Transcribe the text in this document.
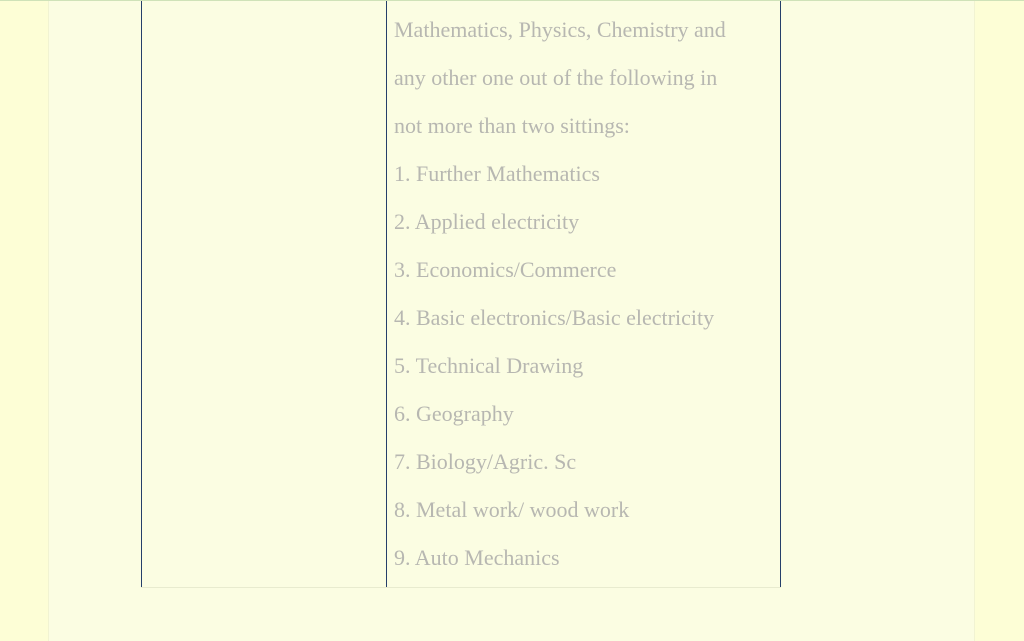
Mathematics, Physics, Chemistry and

any other one out of the following in

not more than two sittings:

1. Further Mathematics
2. Applied electricity
3. Economics/Commerce
4. Basic electronics/Basic electricity
5. Technical Drawing
6. Geography
7. Biology/Agric. Sc
8. Metal work/ wood work
9. Auto Mechanics
